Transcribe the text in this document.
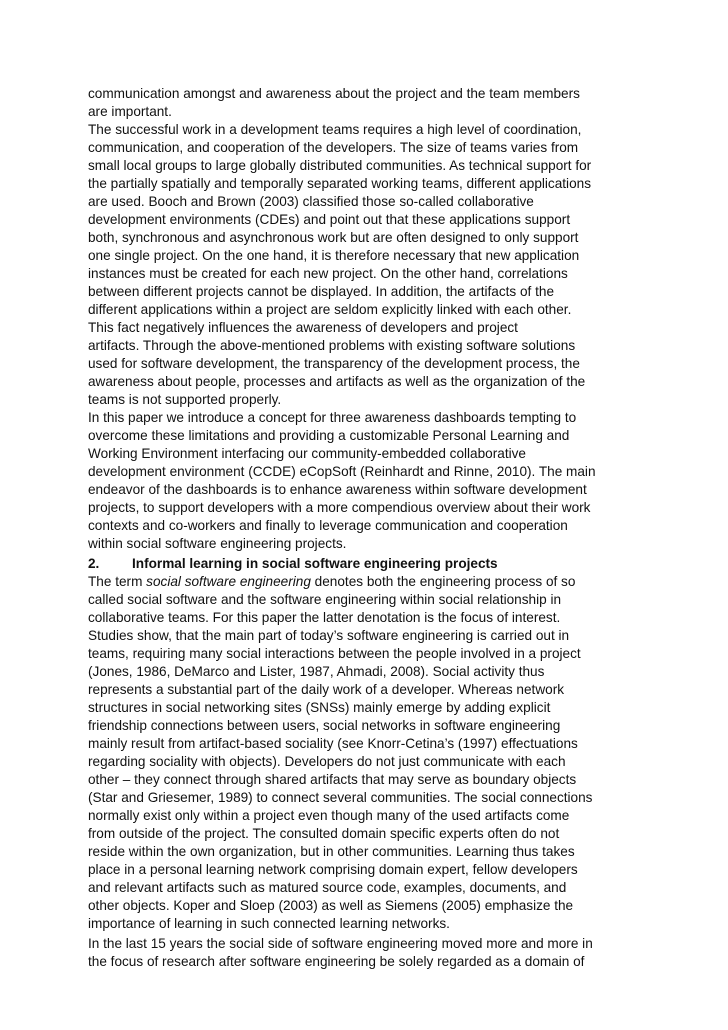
communication amongst and awareness about the project and the team members
are important.
The successful work in a development teams requires a high level of coordination,
communication, and cooperation of the developers. The size of teams varies from
small local groups to large globally distributed communities. As technical support for
the partially spatially and temporally separated working teams, different applications
are used. Booch and Brown (2003) classified those so-called collaborative
development environments (CDEs) and point out that these applications support
both, synchronous and asynchronous work but are often designed to only support
one single project. On the one hand, it is therefore necessary that new application
instances must be created for each new project. On the other hand, correlations
between different projects cannot be displayed. In addition, the artifacts of the
different applications within a project are seldom explicitly linked with each other.
This fact negatively influences the awareness of developers and project
artifacts. Through the above-mentioned problems with existing software solutions
used for software development, the transparency of the development process, the
awareness about people, processes and artifacts as well as the organization of the
teams is not supported properly.
In this paper we introduce a concept for three awareness dashboards tempting to
overcome these limitations and providing a customizable Personal Learning and
Working Environment interfacing our community-embedded collaborative
development environment (CCDE) eCopSoft (Reinhardt and Rinne, 2010). The main
endeavor of the dashboards is to enhance awareness within software development
projects, to support developers with a more compendious overview about their work
contexts and co-workers and finally to leverage communication and cooperation
within social software engineering projects.
2. Informal learning in social software engineering projects
The term social software engineering denotes both the engineering process of so
called social software and the software engineering within social relationship in
collaborative teams. For this paper the latter denotation is the focus of interest.
Studies show, that the main part of today’s software engineering is carried out in
teams, requiring many social interactions between the people involved in a project
(Jones, 1986, DeMarco and Lister, 1987, Ahmadi, 2008). Social activity thus
represents a substantial part of the daily work of a developer. Whereas network
structures in social networking sites (SNSs) mainly emerge by adding explicit
friendship connections between users, social networks in software engineering
mainly result from artifact-based sociality (see Knorr-Cetina’s (1997) effectuations
regarding sociality with objects). Developers do not just communicate with each
other – they connect through shared artifacts that may serve as boundary objects
(Star and Griesemer, 1989) to connect several communities. The social connections
normally exist only within a project even though many of the used artifacts come
from outside of the project. The consulted domain specific experts often do not
reside within the own organization, but in other communities. Learning thus takes
place in a personal learning network comprising domain expert, fellow developers
and relevant artifacts such as matured source code, examples, documents, and
other objects. Koper and Sloep (2003) as well as Siemens (2005) emphasize the
importance of learning in such connected learning networks.
In the last 15 years the social side of software engineering moved more and more in
the focus of research after software engineering be solely regarded as a domain of
